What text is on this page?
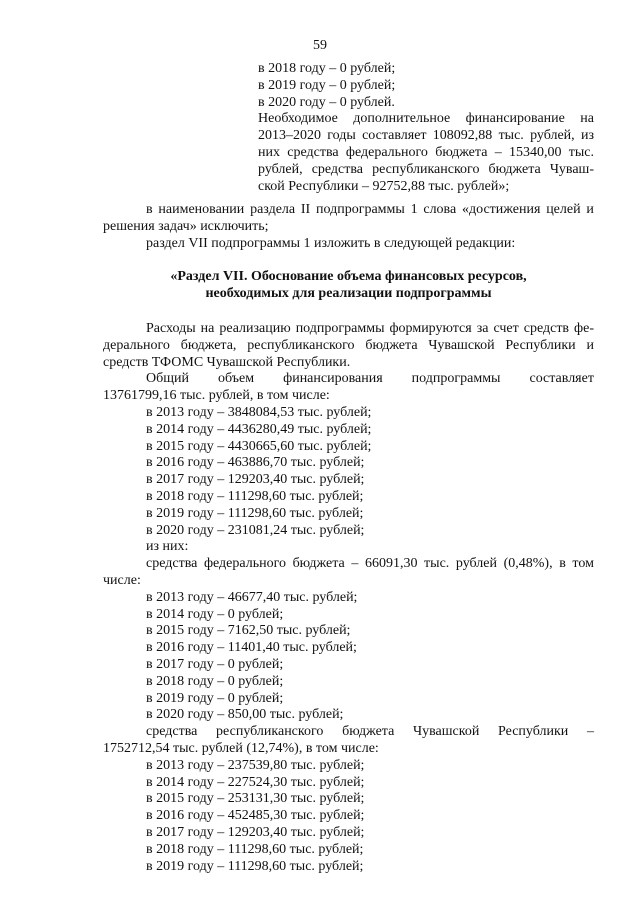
59
в 2018 году – 0 рублей;
в 2019 году – 0 рублей;
в 2020 году – 0 рублей.
Необходимое дополнительное финансирование на
2013–2020 годы составляет 108092,88 тыс. рублей, из
них средства федерального бюджета – 15340,00 тыс.
рублей, средства республиканского бюджета Чуваш-
ской Республики – 92752,88 тыс. рублей»;
в наименовании раздела II подпрограммы 1 слова «достижения целей и
решения задач» исключить;
раздел VII подпрограммы 1 изложить в следующей редакции:
«Раздел VII. Обоснование объема финансовых ресурсов,
необходимых для реализации подпрограммы
Расходы на реализацию подпрограммы формируются за счет средств фе-
дерального бюджета, республиканского бюджета Чувашской Республики и
средств ТФОМС Чувашской Республики.
Общий объем финансирования подпрограммы составляет
13761799,16 тыс. рублей, в том числе:
в 2013 году – 3848084,53 тыс. рублей;
в 2014 году – 4436280,49 тыс. рублей;
в 2015 году – 4430665,60 тыс. рублей;
в 2016 году – 463886,70 тыс. рублей;
в 2017 году – 129203,40 тыс. рублей;
в 2018 году – 111298,60 тыс. рублей;
в 2019 году – 111298,60 тыс. рублей;
в 2020 году – 231081,24 тыс. рублей;
из них:
средства федерального бюджета – 66091,30 тыс. рублей (0,48%), в том
числе:
в 2013 году – 46677,40 тыс. рублей;
в 2014 году – 0 рублей;
в 2015 году – 7162,50 тыс. рублей;
в 2016 году – 11401,40 тыс. рублей;
в 2017 году – 0 рублей;
в 2018 году – 0 рублей;
в 2019 году – 0 рублей;
в 2020 году – 850,00 тыс. рублей;
средства республиканского бюджета Чувашской Республики –
1752712,54 тыс. рублей (12,74%), в том числе:
в 2013 году – 237539,80 тыс. рублей;
в 2014 году – 227524,30 тыс. рублей;
в 2015 году – 253131,30 тыс. рублей;
в 2016 году – 452485,30 тыс. рублей;
в 2017 году – 129203,40 тыс. рублей;
в 2018 году – 111298,60 тыс. рублей;
в 2019 году – 111298,60 тыс. рублей;
